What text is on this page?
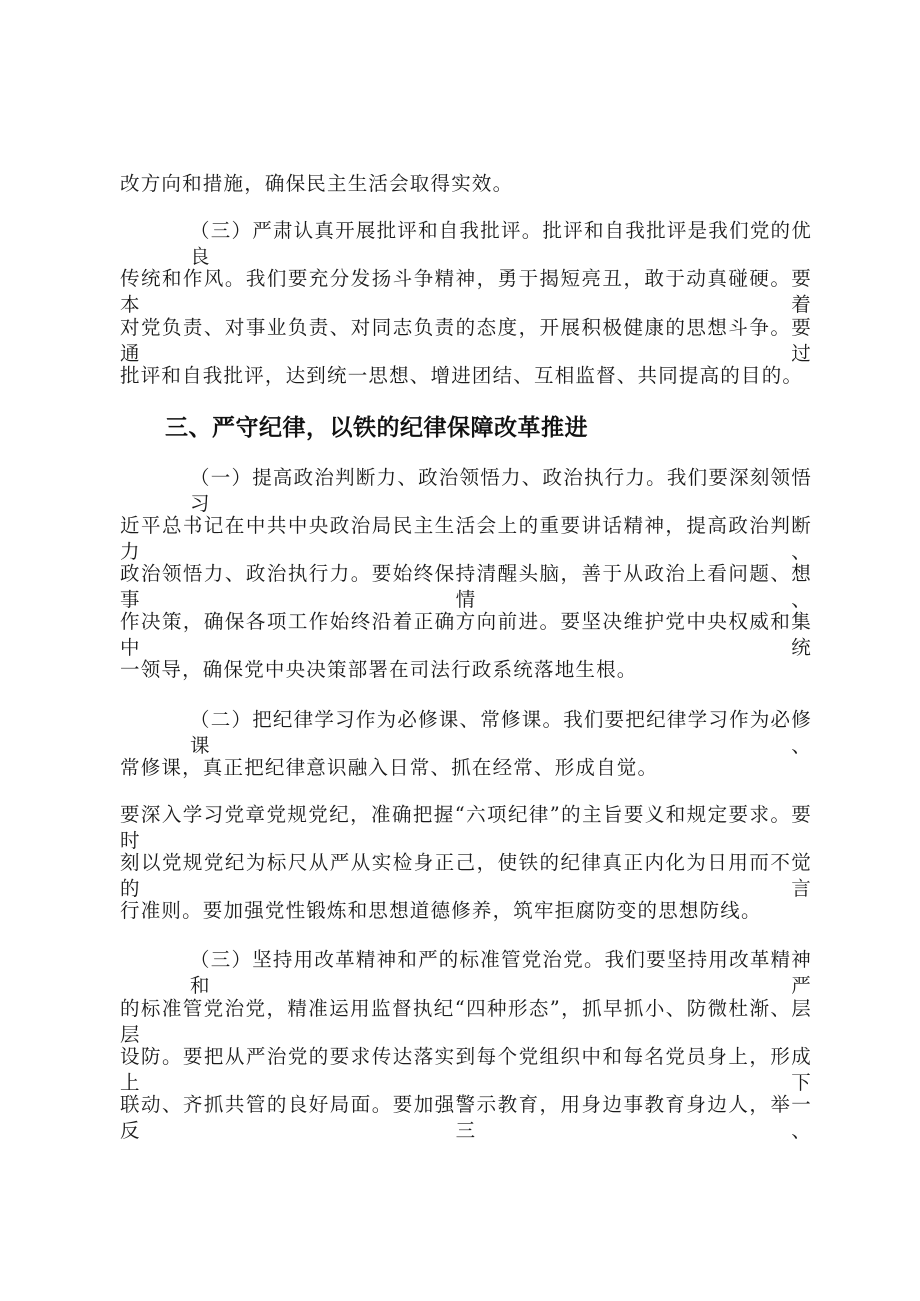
改方向和措施，确保民主生活会取得实效。

（三）严肃认真开展批评和自我批评。批评和自我批评是我们党的优良

传统和作风。我们要充分发扬斗争精神，勇于揭短亮丑，敢于动真碰硬。要本着

对党负责、对事业负责、对同志负责的态度，开展积极健康的思想斗争。要通过

批评和自我批评，达到统一思想、增进团结、互相监督、共同提高的目的。

三、严守纪律，以铁的纪律保障改革推进

（一）提高政治判断力、政治领悟力、政治执行力。我们要深刻领悟习

近平总书记在中共中央政治局民主生活会上的重要讲话精神，提高政治判断力、

政治领悟力、政治执行力。要始终保持清醒头脑，善于从政治上看问题、想事情、

作决策，确保各项工作始终沿着正确方向前进。要坚决维护党中央权威和集中统

一领导，确保党中央决策部署在司法行政系统落地生根。

（二）把纪律学习作为必修课、常修课。我们要把纪律学习作为必修课、

常修课，真正把纪律意识融入日常、抓在经常、形成自觉。

要深入学习党章党规党纪，准确把握“六项纪律”的主旨要义和规定要求。要时

刻以党规党纪为标尺从严从实检身正己，使铁的纪律真正内化为日用而不觉的言

行准则。要加强党性锻炼和思想道德修养，筑牢拒腐防变的思想防线。

（三）坚持用改革精神和严的标准管党治党。我们要坚持用改革精神和严

的标准管党治党，精准运用监督执纪“四种形态”，抓早抓小、防微杜渐、层层

设防。要把从严治党的要求传达落实到每个党组织中和每名党员身上，形成上下

联动、齐抓共管的良好局面。要加强警示教育，用身边事教育身边人，举一反三、
